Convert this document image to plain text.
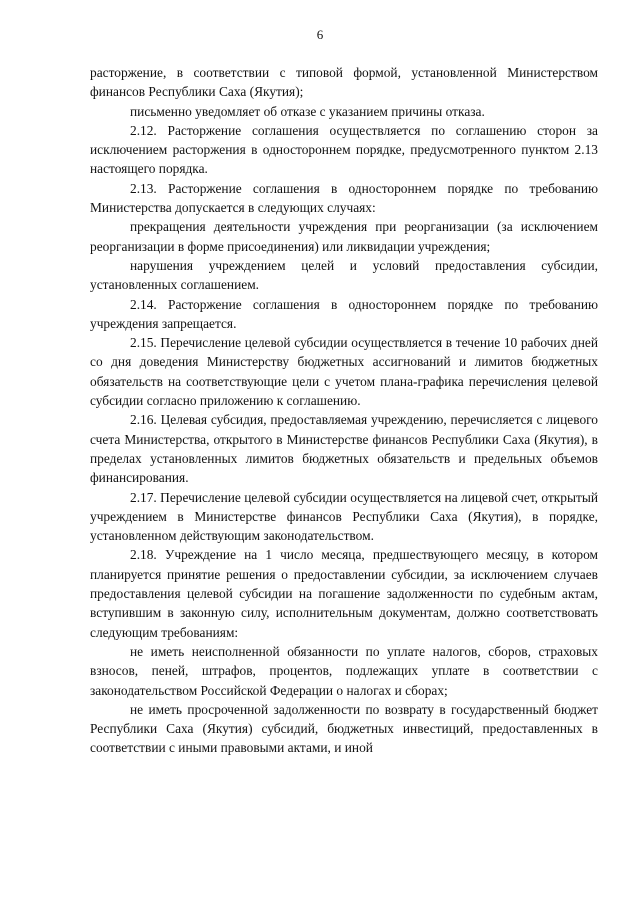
6

расторжение, в соответствии с типовой формой, установленной Министерством финансов Республики Саха (Якутия);

письменно уведомляет об отказе с указанием причины отказа.

2.12. Расторжение соглашения осуществляется по соглашению сторон за исключением расторжения в одностороннем порядке, предусмотренного пунктом 2.13 настоящего порядка.

2.13. Расторжение соглашения в одностороннем порядке по требованию Министерства допускается в следующих случаях:

прекращения деятельности учреждения при реорганизации (за исключением реорганизации в форме присоединения) или ликвидации учреждения;

нарушения учреждением целей и условий предоставления субсидии, установленных соглашением.

2.14. Расторжение соглашения в одностороннем порядке по требованию учреждения запрещается.

2.15. Перечисление целевой субсидии осуществляется в течение 10 рабочих дней со дня доведения Министерству бюджетных ассигнований и лимитов бюджетных обязательств на соответствующие цели с учетом плана-графика перечисления целевой субсидии согласно приложению к соглашению.

2.16. Целевая субсидия, предоставляемая учреждению, перечисляется с лицевого счета Министерства, открытого в Министерстве финансов Республики Саха (Якутия), в пределах установленных лимитов бюджетных обязательств и предельных объемов финансирования.

2.17. Перечисление целевой субсидии осуществляется на лицевой счет, открытый учреждением в Министерстве финансов Республики Саха (Якутия), в порядке, установленном действующим законодательством.

2.18. Учреждение на 1 число месяца, предшествующего месяцу, в котором планируется принятие решения о предоставлении субсидии, за исключением случаев предоставления целевой субсидии на погашение задолженности по судебным актам, вступившим в законную силу, исполнительным документам, должно соответствовать следующим требованиям:

не иметь неисполненной обязанности по уплате налогов, сборов, страховых взносов, пеней, штрафов, процентов, подлежащих уплате в соответствии с законодательством Российской Федерации о налогах и сборах;

не иметь просроченной задолженности по возврату в государственный бюджет Республики Саха (Якутия) субсидий, бюджетных инвестиций, предоставленных в соответствии с иными правовыми актами, и иной
